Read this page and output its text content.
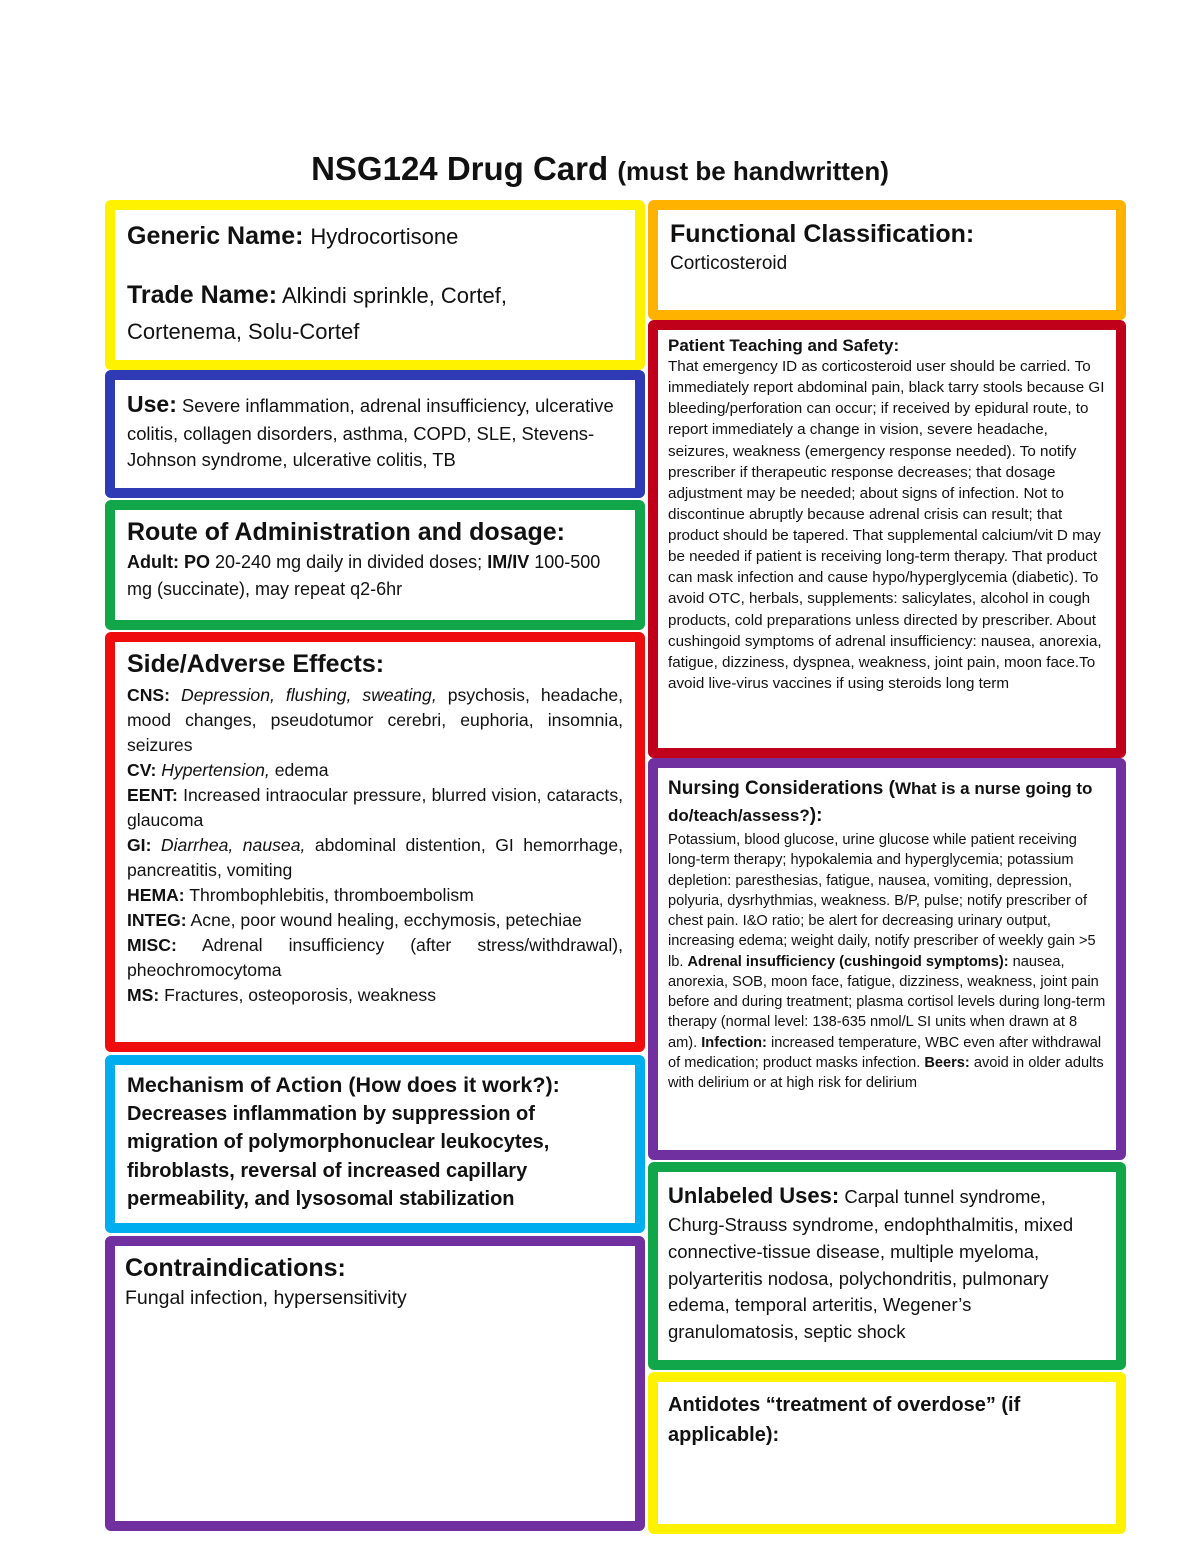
NSG124 Drug Card (must be handwritten)
Generic Name: Hydrocortisone
Trade Name: Alkindi sprinkle, Cortef, Cortenema, Solu-Cortef
Functional Classification:
Corticosteroid
Use: Severe inflammation, adrenal insufficiency, ulcerative colitis, collagen disorders, asthma, COPD, SLE, Stevens-Johnson syndrome, ulcerative colitis, TB
Route of Administration and dosage:
Adult: PO 20-240 mg daily in divided doses; IM/IV 100-500 mg (succinate), may repeat q2-6hr
Side/Adverse Effects:

CNS: Depression, flushing, sweating, psychosis, headache, mood changes, pseudotumor cerebri, euphoria, insomnia, seizures

CV: Hypertension, edema

EENT: Increased intraocular pressure, blurred vision, cataracts, glaucoma

GI: Diarrhea, nausea, abdominal distention, GI hemorrhage, pancreatitis, vomiting

HEMA: Thrombophlebitis, thromboembolism

INTEG: Acne, poor wound healing, ecchymosis, petechiae

MISC: Adrenal insufficiency (after stress/withdrawal), pheochromocytoma

MS: Fractures, osteoporosis, weakness

Mechanism of Action (How does it work?):
Decreases inflammation by suppression of migration of polymorphonuclear leukocytes, fibroblasts, reversal of increased capillary permeability, and lysosomal stabilization
Contraindications:
Fungal infection, hypersensitivity
Patient Teaching and Safety:
That emergency ID as corticosteroid user should be carried. To immediately report abdominal pain, black tarry stools because GI bleeding/perforation can occur; if received by epidural route, to report immediately a change in vision, severe headache, seizures, weakness (emergency response needed). To notify prescriber if therapeutic response decreases; that dosage adjustment may be needed; about signs of infection. Not to discontinue abruptly because adrenal crisis can result; that product should be tapered. That supplemental calcium/vit D may be needed if patient is receiving long-term therapy. That product can mask infection and cause hypo/hyperglycemia (diabetic). To avoid OTC, herbals, supplements: salicylates, alcohol in cough products, cold preparations unless directed by prescriber. About cushingoid symptoms of adrenal insufficiency: nausea, anorexia, fatigue, dizziness, dyspnea, weakness, joint pain, moon face.To avoid live-virus vaccines if using steroids long term
Nursing Considerations (What is a nurse going to do/teach/assess?):
Potassium, blood glucose, urine glucose while patient receiving long-term therapy; hypokalemia and hyperglycemia; potassium depletion: paresthesias, fatigue, nausea, vomiting, depression, polyuria, dysrhythmias, weakness. B/P, pulse; notify prescriber of chest pain. I&O ratio; be alert for decreasing urinary output, increasing edema; weight daily, notify prescriber of weekly gain >5 lb. Adrenal insufficiency (cushingoid symptoms): nausea, anorexia, SOB, moon face, fatigue, dizziness, weakness, joint pain before and during treatment; plasma cortisol levels during long-term therapy (normal level: 138-635 nmol/L SI units when drawn at 8 am). Infection: increased temperature, WBC even after withdrawal of medication; product masks infection. Beers: avoid in older adults with delirium or at high risk for delirium
Unlabeled Uses: Carpal tunnel syndrome, Churg-Strauss syndrome, endophthalmitis, mixed connective-tissue disease, multiple myeloma, polyarteritis nodosa, polychondritis, pulmonary edema, temporal arteritis, Wegener’s granulomatosis, septic shock
Antidotes “treatment of overdose” (if applicable):
